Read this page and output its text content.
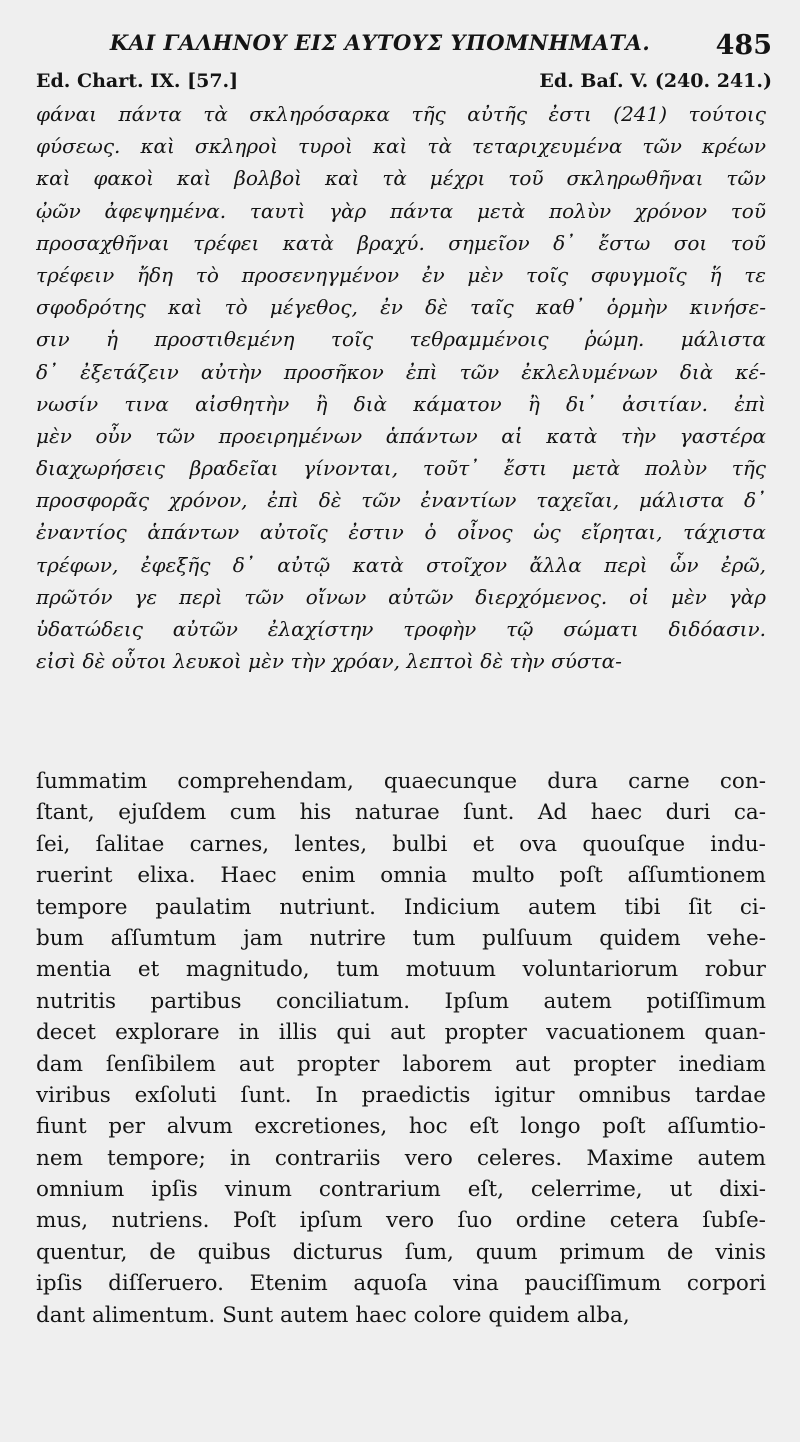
ΚΑΙ ΓΑΛΗΝΟΥ ΕΙΣ ΑΥΤΟΥΣ ΥΠΟΜΝΗΜΑΤΑ.	485
Ed. Chart. IX. [57.]	Ed. Baſ. V. (240. 241.)
φάναι πάντα τὰ σκληρόσαρκα τῆς αὐτῆς ἐστι (241) τούτοις
φύσεως. καὶ σκληροὶ τυροὶ καὶ τὰ τεταριχευμένα τῶν κρέων
καὶ φακοὶ καὶ βολβοὶ καὶ τὰ μέχρι τοῦ σκληρωθῆναι τῶν
ᾠῶν ἀφεψημένα. ταυτὶ γὰρ πάντα μετὰ πολὺν χρόνον τοῦ
προσαχθῆναι τρέφει κατὰ βραχύ. σημεῖον δ᾽ ἔστω σοι τοῦ
τρέφειν ἤδη τὸ προσενηγμένον ἐν μὲν τοῖς σφυγμοῖς ἥ τε
σφοδρότης καὶ τὸ μέγεθος, ἐν δὲ ταῖς καθ᾽ ὁρμὴν κινήσε-
σιν ἡ προστιθεμένη τοῖς τεθραμμένοις ῥώμη. μάλιστα
δ᾽ ἐξετάζειν αὐτὴν προσῆκον ἐπὶ τῶν ἐκλελυμένων διὰ κέ-
νωσίν τινα αἰσθητὴν ἢ διὰ κάματον ἢ δι᾽ ἀσιτίαν. ἐπὶ
μὲν οὖν τῶν προειρημένων ἁπάντων αἱ κατὰ τὴν γαστέρα
διαχωρήσεις βραδεῖαι γίνονται, τοῦτ᾽ ἔστι μετὰ πολὺν τῆς
προσφορᾶς χρόνον, ἐπὶ δὲ τῶν ἐναντίων ταχεῖαι, μάλιστα δ᾽
ἐναντίος ἁπάντων αὐτοῖς ἐστιν ὁ οἶνος ὡς εἴρηται, τάχιστα
τρέφων, ἐφεξῆς δ᾽ αὐτῷ κατὰ στοῖχον ἄλλα περὶ ὧν ἐρῶ,
πρῶτόν γε περὶ τῶν οἴνων αὐτῶν διερχόμενος. οἱ μὲν γὰρ
ὑδατώδεις αὐτῶν ἐλαχίστην τροφὴν τῷ σώματι διδόασιν.
εἰσὶ δὲ οὗτοι λευκοὶ μὲν τὴν χρόαν, λεπτοὶ δὲ τὴν σύστα-
ſummatim comprehendam, quaecunque dura carne con-
ſtant, ejuſdem cum his naturae ſunt. Ad haec duri ca-
ſei, ſalitae carnes, lentes, bulbi et ova quouſque indu-
ruerint elixa. Haec enim omnia multo poſt aſſumtionem
tempore paulatim nutriunt. Indicium autem tibi ſit ci-
bum aſſumtum jam nutrire tum pulſuum quidem vehe-
mentia et magnitudo, tum motuum voluntariorum robur
nutritis partibus conciliatum. Ipſum autem potiſſimum
decet explorare in illis qui aut propter vacuationem quan-
dam ſenſibilem aut propter laborem aut propter inediam
viribus exſoluti ſunt. In praedictis igitur omnibus tardae
fiunt per alvum excretiones, hoc eſt longo poſt aſſumtio-
nem tempore; in contrariis vero celeres. Maxime autem
omnium ipſis vinum contrarium eſt, celerrime, ut dixi-
mus, nutriens. Poſt ipſum vero ſuo ordine cetera ſubſe-
quentur, de quibus dicturus ſum, quum primum de vinis
ipſis diſſeruero. Etenim aquoſa vina pauciſſimum corpori
dant alimentum. Sunt autem haec colore quidem alba,
